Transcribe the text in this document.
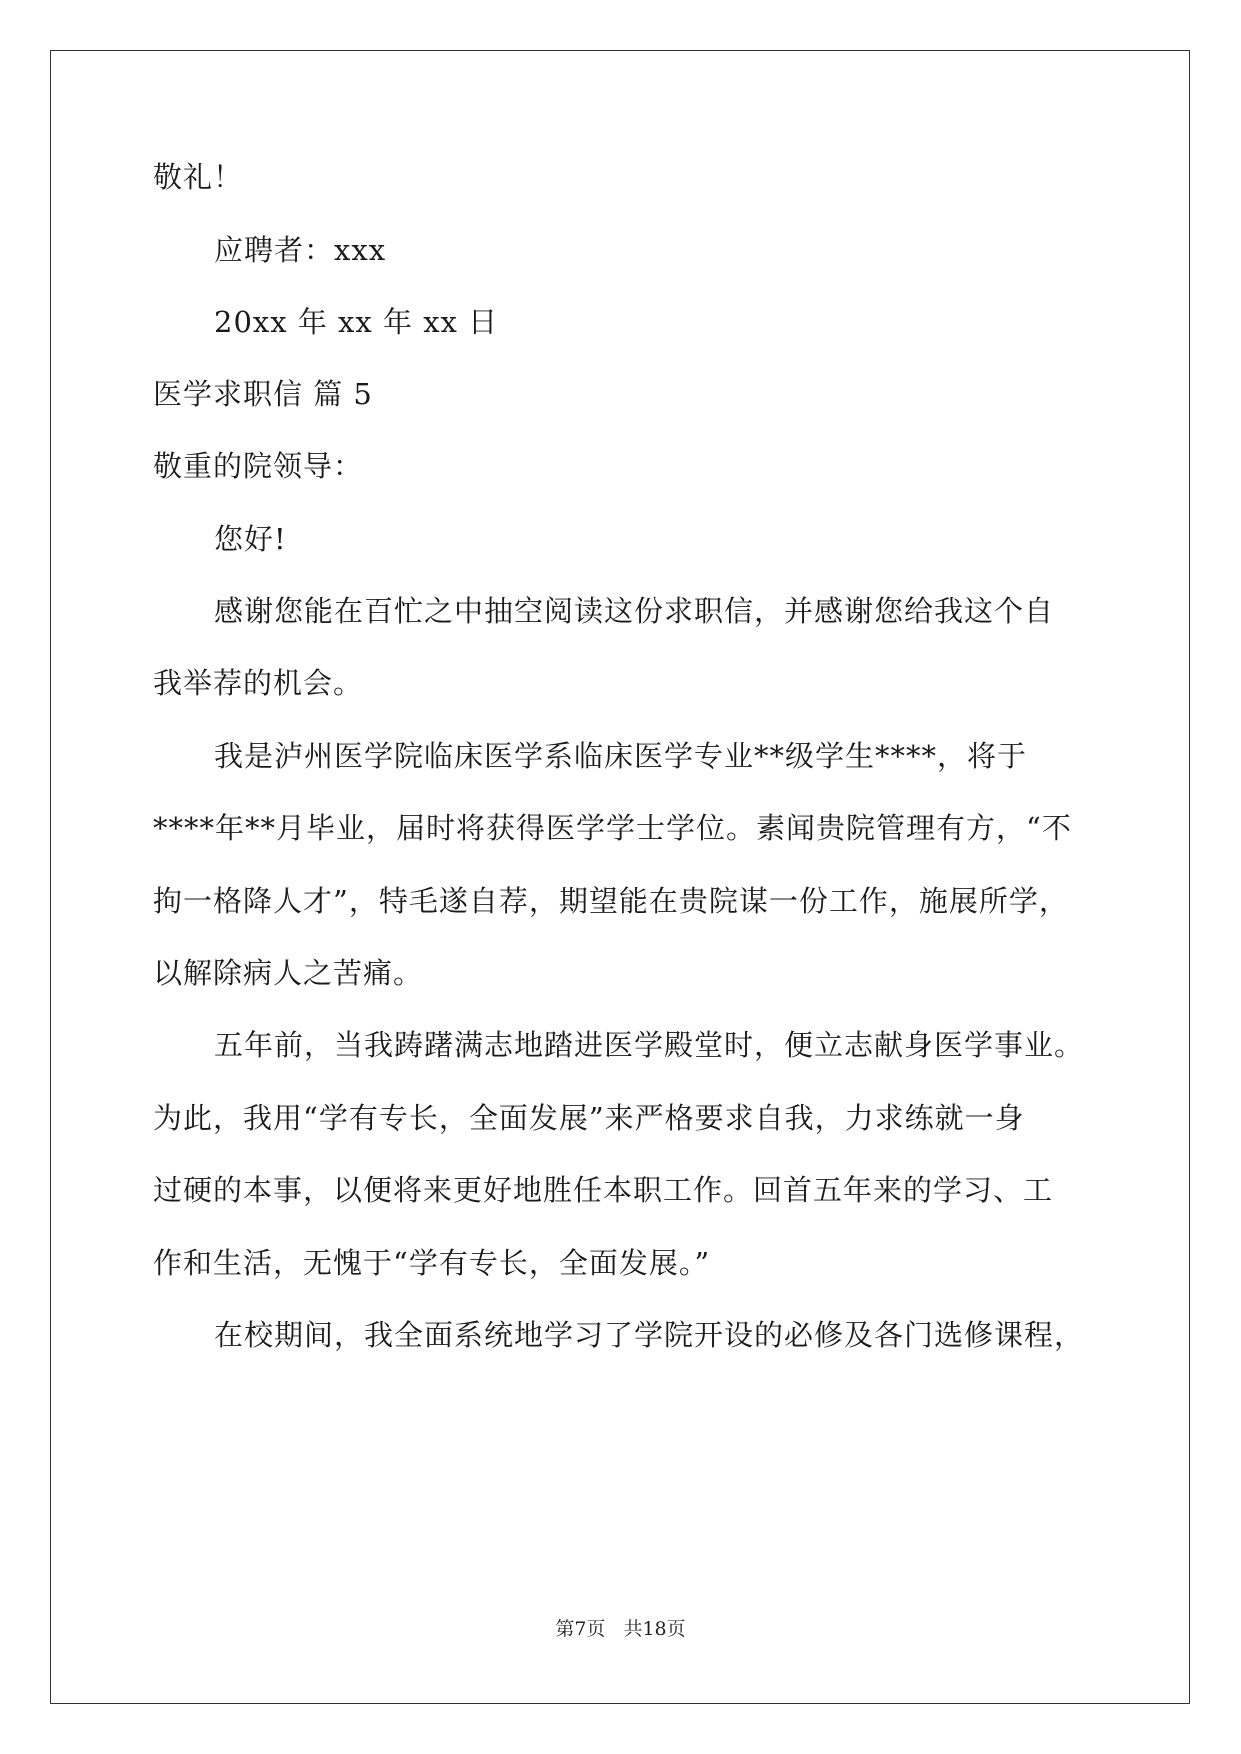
敬礼！
应聘者：xxx
20xx 年 xx 年 xx 日
医学求职信 篇 5
敬重的院领导：
您好!
感谢您能在百忙之中抽空阅读这份求职信，并感谢您给我这个自
我举荐的机会。
我是泸州医学院临床医学系临床医学专业**级学生****，将于
****年**月毕业，届时将获得医学学士学位。素闻贵院管理有方，“不
拘一格降人才”，特毛遂自荐，期望能在贵院谋一份工作，施展所学，
以解除病人之苦痛。
五年前，当我踌躇满志地踏进医学殿堂时，便立志献身医学事业。
为此，我用“学有专长，全面发展”来严格要求自我，力求练就一身
过硬的本事，以便将来更好地胜任本职工作。回首五年来的学习、工
作和生活，无愧于“学有专长，全面发展。”
在校期间，我全面系统地学习了学院开设的必修及各门选修课程，
第7页 共18页
